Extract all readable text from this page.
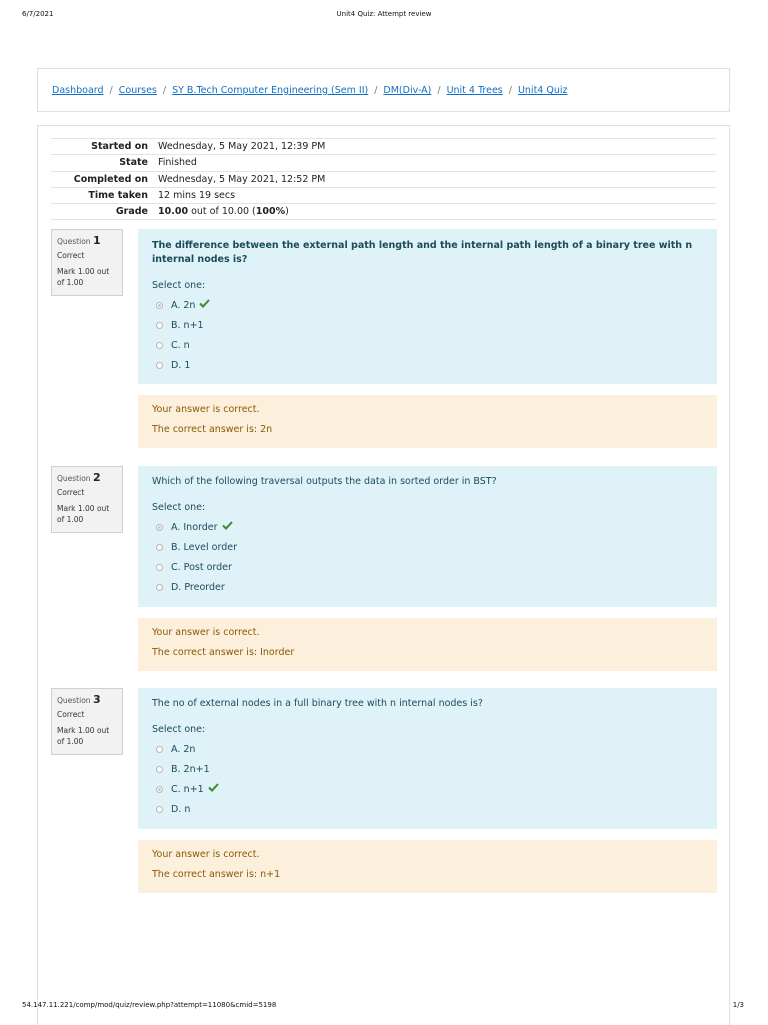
6/7/2021	Unit4 Quiz: Attempt review
Dashboard / Courses / SY B.Tech Computer Engineering (Sem II) / DM(Div-A) / Unit 4 Trees / Unit4 Quiz
Started on	Wednesday, 5 May 2021, 12:39 PM
State	Finished
Completed on	Wednesday, 5 May 2021, 12:52 PM
Time taken	12 mins 19 secs
Grade	10.00 out of 10.00 (100%)
Question 1
Correct
Mark 1.00 out of 1.00
The difference between the external path length and the internal path length of a binary tree with n internal nodes is?
Select one:
A. 2n
B. n+1
C. n
D. 1
Your answer is correct.
The correct answer is: 2n
Question 2
Correct
Mark 1.00 out of 1.00
Which of the following traversal outputs the data in sorted order in BST?
Select one:
A. Inorder
B. Level order
C. Post order
D. Preorder
Your answer is correct.
The correct answer is: Inorder
Question 3
Correct
Mark 1.00 out of 1.00
The no of external nodes in a full binary tree with n internal nodes is?
Select one:
A. 2n
B. 2n+1
C. n+1
D. n
Your answer is correct.
The correct answer is: n+1
54.147.11.221/comp/mod/quiz/review.php?attempt=11080&cmid=5198	1/3
